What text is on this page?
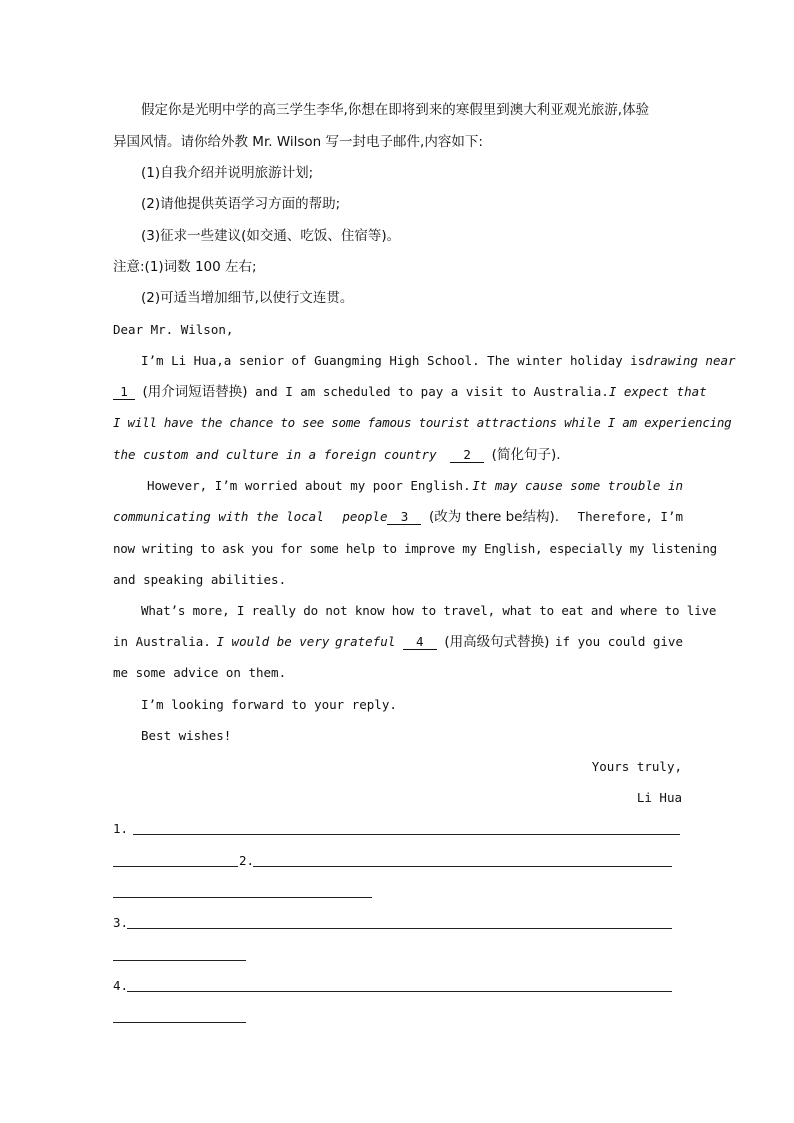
假定你是光明中学的高三学生李华,你想在即将到来的寒假里到澳大利亚观光旅游,体验
异国风情。请你给外教 Mr. Wilson 写一封电子邮件,内容如下:
(1)自我介绍并说明旅游计划;
(2)请他提供英语学习方面的帮助;
(3)征求一些建议(如交通、吃饭、住宿等)。
注意:(1)词数 100 左右;
(2)可适当增加细节,以使行文连贯。
Dear Mr. Wilson,
I’m Li Hua,a senior of Guangming High School. The winter holiday is drawing near
1 (用介词短语替换) and I am scheduled to pay a visit to Australia. I expect that
I will have the chance to see some famous tourist attractions while I am experiencing
the custom and culture in a foreign country 2 (简化句子).
However, I’m worried about my poor English. It may cause some trouble in
communicating with the local people 3 (改为 there be结构). Therefore, I’m
now writing to ask you for some help to improve my English, especially my listening
and speaking abilities.
What’s more, I really do not know how to travel, what to eat and where to live
in Australia. I would be very grateful 4 (用高级句式替换) if you could give
me some advice on them.
I’m looking forward to your reply.
Best wishes!
Yours truly,
Li Hua
1.
2.
3.
4.
